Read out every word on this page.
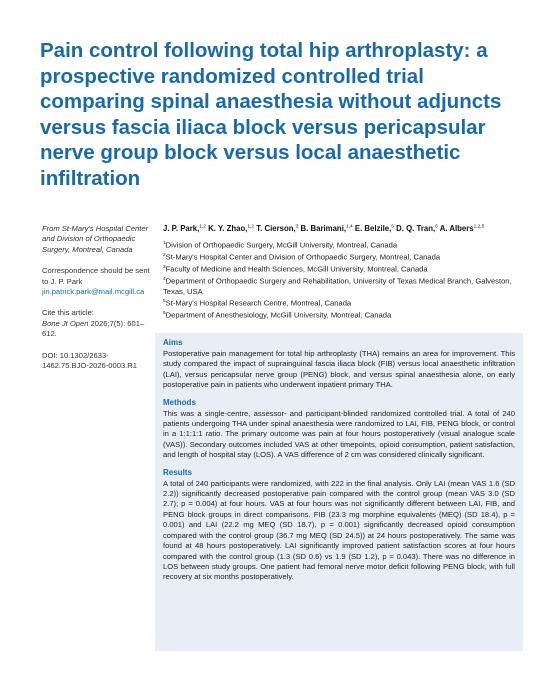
Pain control following total hip arthroplasty: a prospective randomized controlled trial comparing spinal anaesthesia without adjuncts versus fascia iliaca block versus pericapsular nerve group block versus local anaesthetic infiltration

From St-Mary's Hospital Center and Division of Orthopaedic Surgery, Montreal, Canada

Correspondence should be sent to J. P. Park jin.patrick.park@mail.mcgill.ca

Cite this article:
Bone Jt Open 2026;7(5): 601–612.

DOI: 10.1302/2633-1462.75.BJO-2026-0003.R1

J. P. Park,$^{1,2}$ K. Y. Zhao,$^{1,2}$ T. Cierson,$^3$ B. Barimani,$^{1,4}$ E. Belzile,$^5$ D. Q. Tran,$^6$ A. Albers$^{1,2,5}$

$^1$Division of Orthopaedic Surgery, McGill University, Montreal, Canada
$^2$St-Mary's Hospital Center and Division of Orthopaedic Surgery, Montreal, Canada
$^3$Faculty of Medicine and Health Sciences, McGill University, Montreal, Canada
$^4$Department of Orthopaedic Surgery and Rehabilitation, University of Texas Medical Branch, Galveston, Texas, USA
$^5$St-Mary's Hospital Research Centre, Montreal, Canada
$^6$Department of Anesthesiology, McGill University, Montreal, Canada
Aims

Postoperative pain management for total hip arthroplasty (THA) remains an area for improvement. This study compared the impact of suprainguinal fascia iliaca block (FIB) versus local anaesthetic infiltration (LAI), versus pericapsular nerve group (PENG) block, and versus spinal anaesthesia alone, on early postoperative pain in patients who underwent inpatient primary THA.

Methods

This was a single-centre, assessor- and participant-blinded randomized controlled trial. A total of 240 patients undergoing THA under spinal anaesthesia were randomized to LAI, FIB, PENG block, or control in a 1:1:1:1 ratio. The primary outcome was pain at four hours postoperatively (visual analogue scale (VAS)). Secondary outcomes included VAS at other timepoints, opioid consumption, patient satisfaction, and length of hospital stay (LOS). A VAS difference of 2 cm was considered clinically significant.

Results

A total of 240 participants were randomized, with 222 in the final analysis. Only LAI (mean VAS 1.6 (SD 2.2)) significantly decreased postoperative pain compared with the control group (mean VAS 3.0 (SD 2.7); p = 0.004) at four hours. VAS at four hours was not significantly different between LAI, FIB, and PENG block groups in direct comparisons. FIB (23.3 mg morphine equivalents (MEQ) (SD 18.4), p = 0.001) and LAI (22.2 mg MEQ (SD 18.7), p = 0.001) significantly decreased opioid consumption compared with the control group (36.7 mg MEQ (SD 24.5)) at 24 hours postoperatively. The same was found at 48 hours postoperatively. LAI significantly improved patient satisfaction scores at four hours compared with the control group (1.3 (SD 0.6) vs 1.9 (SD 1.2), p = 0.043). There was no difference in LOS between study groups. One patient had femoral nerve motor deficit following PENG block, with full recovery at six months postoperatively.
